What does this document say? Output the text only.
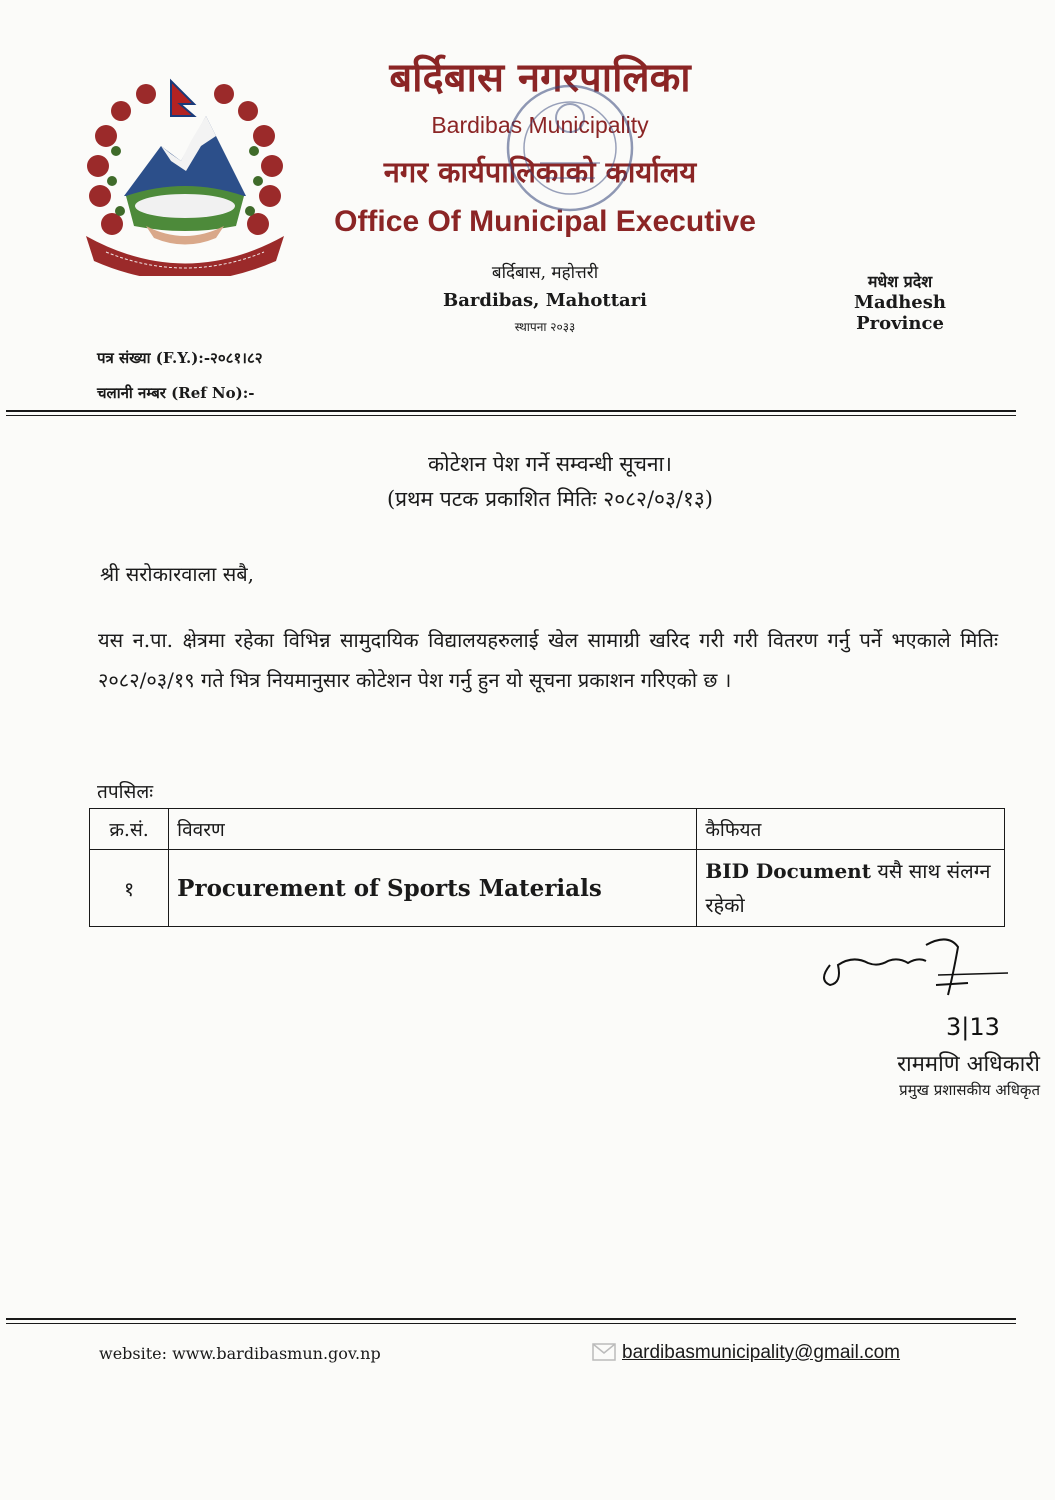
बर्दिबास नगरपालिका
Bardibas Municipality
नगर कार्यपालिकाको कार्यालय
Office Of Municipal Executive
बर्दिबास, महोत्तरी
Bardibas, Mahottari
स्थापना २०३३
मधेश प्रदेश
Madhesh Province
पत्र संख्या (F.Y.):-२०८१।८२
चलानी नम्बर (Ref No):-
कोटेशन पेश गर्ने सम्वन्धी सूचना।
(प्रथम पटक प्रकाशित मितिः २०८२/०३/१३)
श्री सरोकारवाला सबै,
यस न.पा. क्षेत्रमा रहेका विभिन्न सामुदायिक विद्यालयहरुलाई खेल सामाग्री खरिद गरी गरी वितरण गर्नु पर्ने भएकाले मितिः २०८२/०३/१९ गते भित्र नियमानुसार कोटेशन पेश गर्नु हुन यो सूचना प्रकाशन गरिएको छ ।
तपसिलः
क्र.सं.	विवरण	कैफियत
१	Procurement of Sports Materials	BID Document यसै साथ संलग्न रहेको
3|13
राममणि अधिकारी
प्रमुख प्रशासकीय अधिकृत
website: www.bardibasmun.gov.np	bardibasmunicipality@gmail.com
